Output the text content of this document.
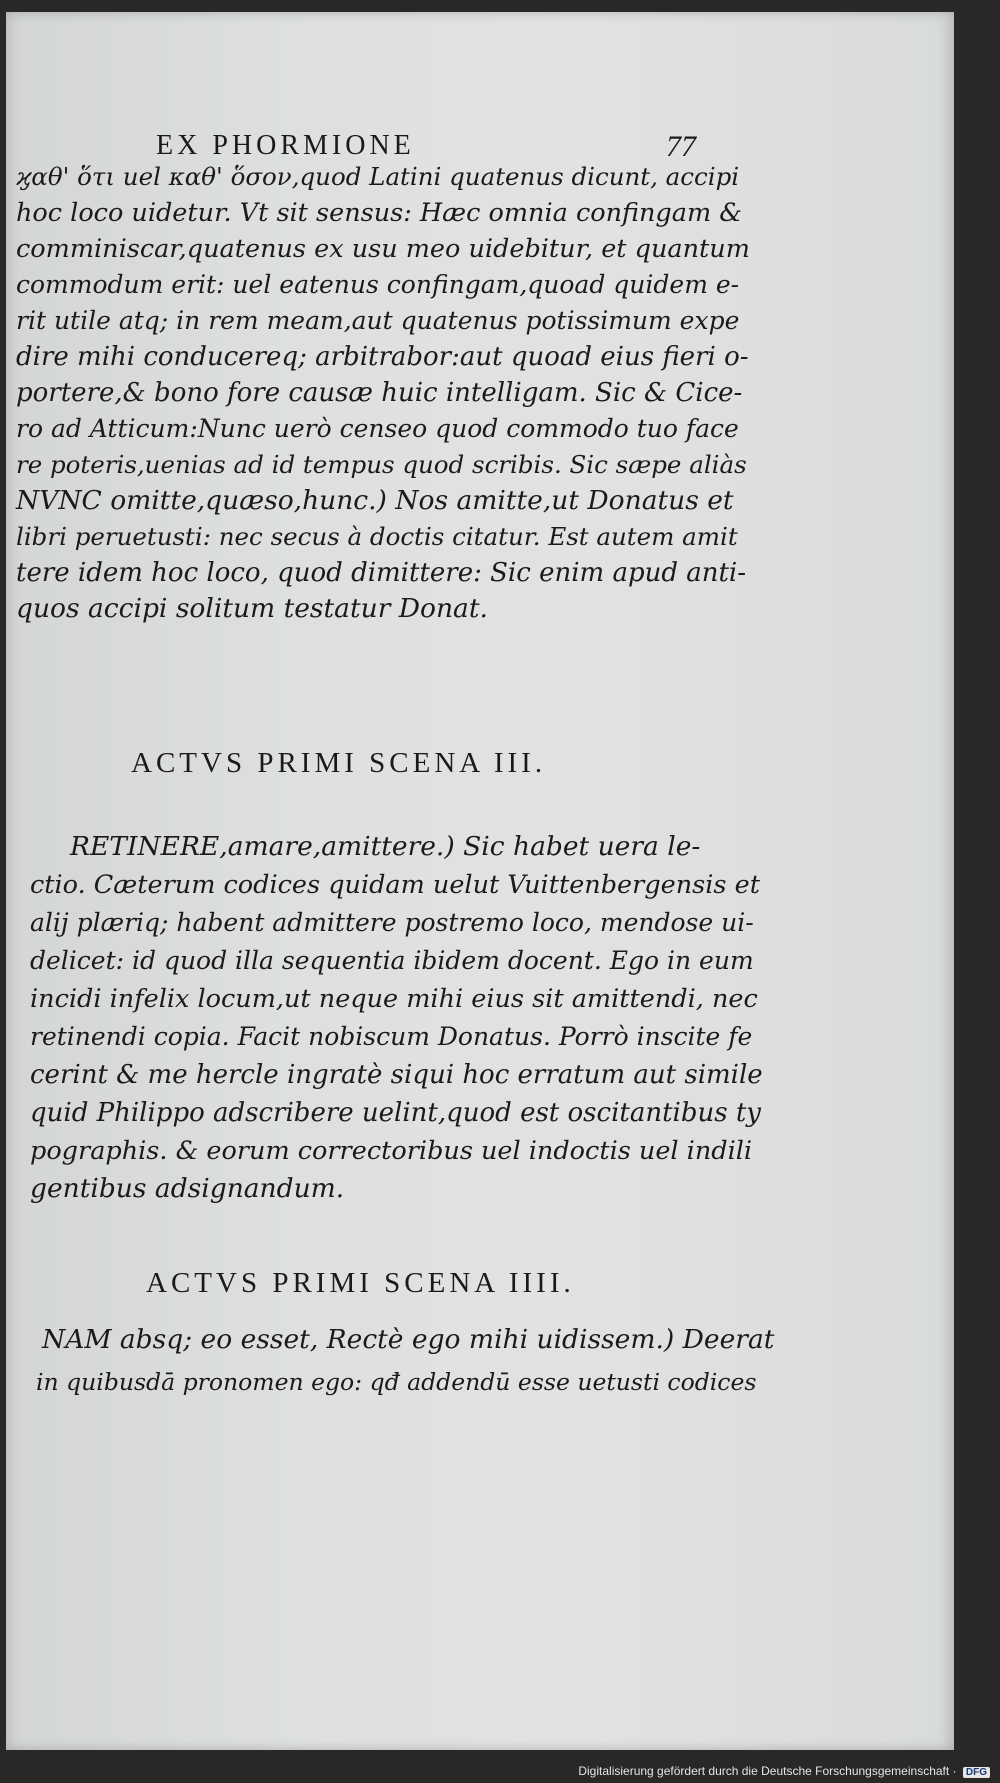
EX PHORMIONE	77
ϗαθ' ὅτι uel καθ' ὅσον,quod Latini quatenus dicunt, accipi
hoc loco uidetur. Vt sit sensus: Hæc omnia confingam &
comminiscar,quatenus ex usu meo uidebitur, et quantum
commodum erit: uel eatenus confingam,quoad quidem e-
rit utile atq; in rem meam,aut quatenus potissimum expe
dire mihi conducereq; arbitrabor:aut quoad eius fieri o-
portere,& bono fore causæ huic intelligam. Sic & Cice-
ro ad Atticum:Nunc uerò censeo quod commodo tuo face
re poteris,uenias ad id tempus quod scribis. Sic sæpe aliàs
NVNC omitte,quæso,hunc.) Nos amitte,ut Donatus et
libri peruetusti: nec secus à doctis citatur. Est autem amit
tere idem hoc loco, quod dimittere: Sic enim apud anti-
quos accipi solitum testatur Donat.
ACTVS PRIMI SCENA III.
RETINERE,amare,amittere.) Sic habet uera le-
ctio. Cæterum codices quidam uelut Vuittenbergensis et
alij plæriq; habent admittere postremo loco, mendose ui-
delicet: id quod illa sequentia ibidem docent. Ego in eum
incidi infelix locum,ut neque mihi eius sit amittendi, nec
retinendi copia. Facit nobiscum Donatus. Porrò inscite fe
cerint & me hercle ingratè siqui hoc erratum aut simile
quid Philippo adscribere uelint,quod est oscitantibus ty
pographis. & eorum correctoribus uel indoctis uel indili
gentibus adsignandum.
ACTVS PRIMI SCENA IIII.
NAM absq; eo esset, Rectè ego mihi uidissem.) Deerat
in quibusdā pronomen ego: qđ addendū esse uetusti codices
Digitalisierung gefördert durch die Deutsche Forschungsgemeinschaft · DFG
